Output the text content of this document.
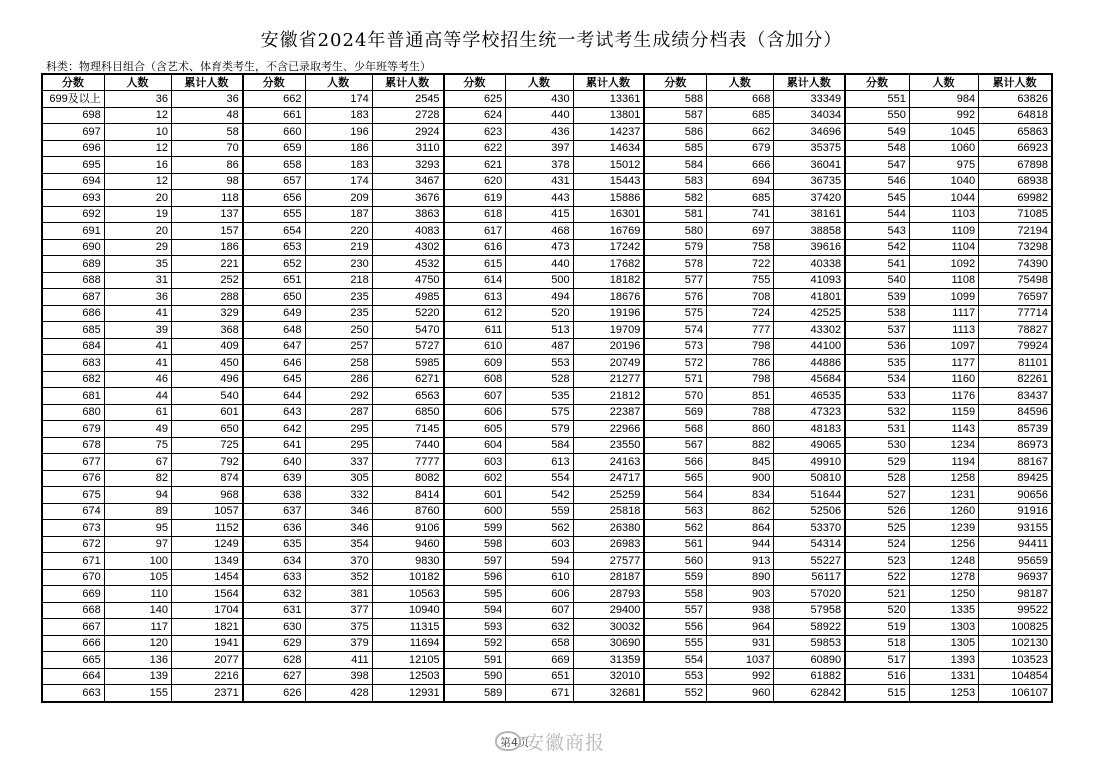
安徽省2024年普通高等学校招生统一考试考生成绩分档表（含加分）
科类：物理科目组合（含艺术、体育类考生，不含已录取考生、少年班等考生）
分数	人数	累计人数	分数	人数	累计人数	分数	人数	累计人数	分数	人数	累计人数	分数	人数	累计人数
699及以上	36	36	662	174	2545	625	430	13361	588	668	33349	551	984	63826
698	12	48	661	183	2728	624	440	13801	587	685	34034	550	992	64818
697	10	58	660	196	2924	623	436	14237	586	662	34696	549	1045	65863
696	12	70	659	186	3110	622	397	14634	585	679	35375	548	1060	66923
695	16	86	658	183	3293	621	378	15012	584	666	36041	547	975	67898
694	12	98	657	174	3467	620	431	15443	583	694	36735	546	1040	68938
693	20	118	656	209	3676	619	443	15886	582	685	37420	545	1044	69982
692	19	137	655	187	3863	618	415	16301	581	741	38161	544	1103	71085
691	20	157	654	220	4083	617	468	16769	580	697	38858	543	1109	72194
690	29	186	653	219	4302	616	473	17242	579	758	39616	542	1104	73298
689	35	221	652	230	4532	615	440	17682	578	722	40338	541	1092	74390
688	31	252	651	218	4750	614	500	18182	577	755	41093	540	1108	75498
687	36	288	650	235	4985	613	494	18676	576	708	41801	539	1099	76597
686	41	329	649	235	5220	612	520	19196	575	724	42525	538	1117	77714
685	39	368	648	250	5470	611	513	19709	574	777	43302	537	1113	78827
684	41	409	647	257	5727	610	487	20196	573	798	44100	536	1097	79924
683	41	450	646	258	5985	609	553	20749	572	786	44886	535	1177	81101
682	46	496	645	286	6271	608	528	21277	571	798	45684	534	1160	82261
681	44	540	644	292	6563	607	535	21812	570	851	46535	533	1176	83437
680	61	601	643	287	6850	606	575	22387	569	788	47323	532	1159	84596
679	49	650	642	295	7145	605	579	22966	568	860	48183	531	1143	85739
678	75	725	641	295	7440	604	584	23550	567	882	49065	530	1234	86973
677	67	792	640	337	7777	603	613	24163	566	845	49910	529	1194	88167
676	82	874	639	305	8082	602	554	24717	565	900	50810	528	1258	89425
675	94	968	638	332	8414	601	542	25259	564	834	51644	527	1231	90656
674	89	1057	637	346	8760	600	559	25818	563	862	52506	526	1260	91916
673	95	1152	636	346	9106	599	562	26380	562	864	53370	525	1239	93155
672	97	1249	635	354	9460	598	603	26983	561	944	54314	524	1256	94411
671	100	1349	634	370	9830	597	594	27577	560	913	55227	523	1248	95659
670	105	1454	633	352	10182	596	610	28187	559	890	56117	522	1278	96937
669	110	1564	632	381	10563	595	606	28793	558	903	57020	521	1250	98187
668	140	1704	631	377	10940	594	607	29400	557	938	57958	520	1335	99522
667	117	1821	630	375	11315	593	632	30032	556	964	58922	519	1303	100825
666	120	1941	629	379	11694	592	658	30690	555	931	59853	518	1305	102130
665	136	2077	628	411	12105	591	669	31359	554	1037	60890	517	1393	103523
664	139	2216	627	398	12503	590	651	32010	553	992	61882	516	1331	104854
663	155	2371	626	428	12931	589	671	32681	552	960	62842	515	1253	106107
第4页
安徽商报
